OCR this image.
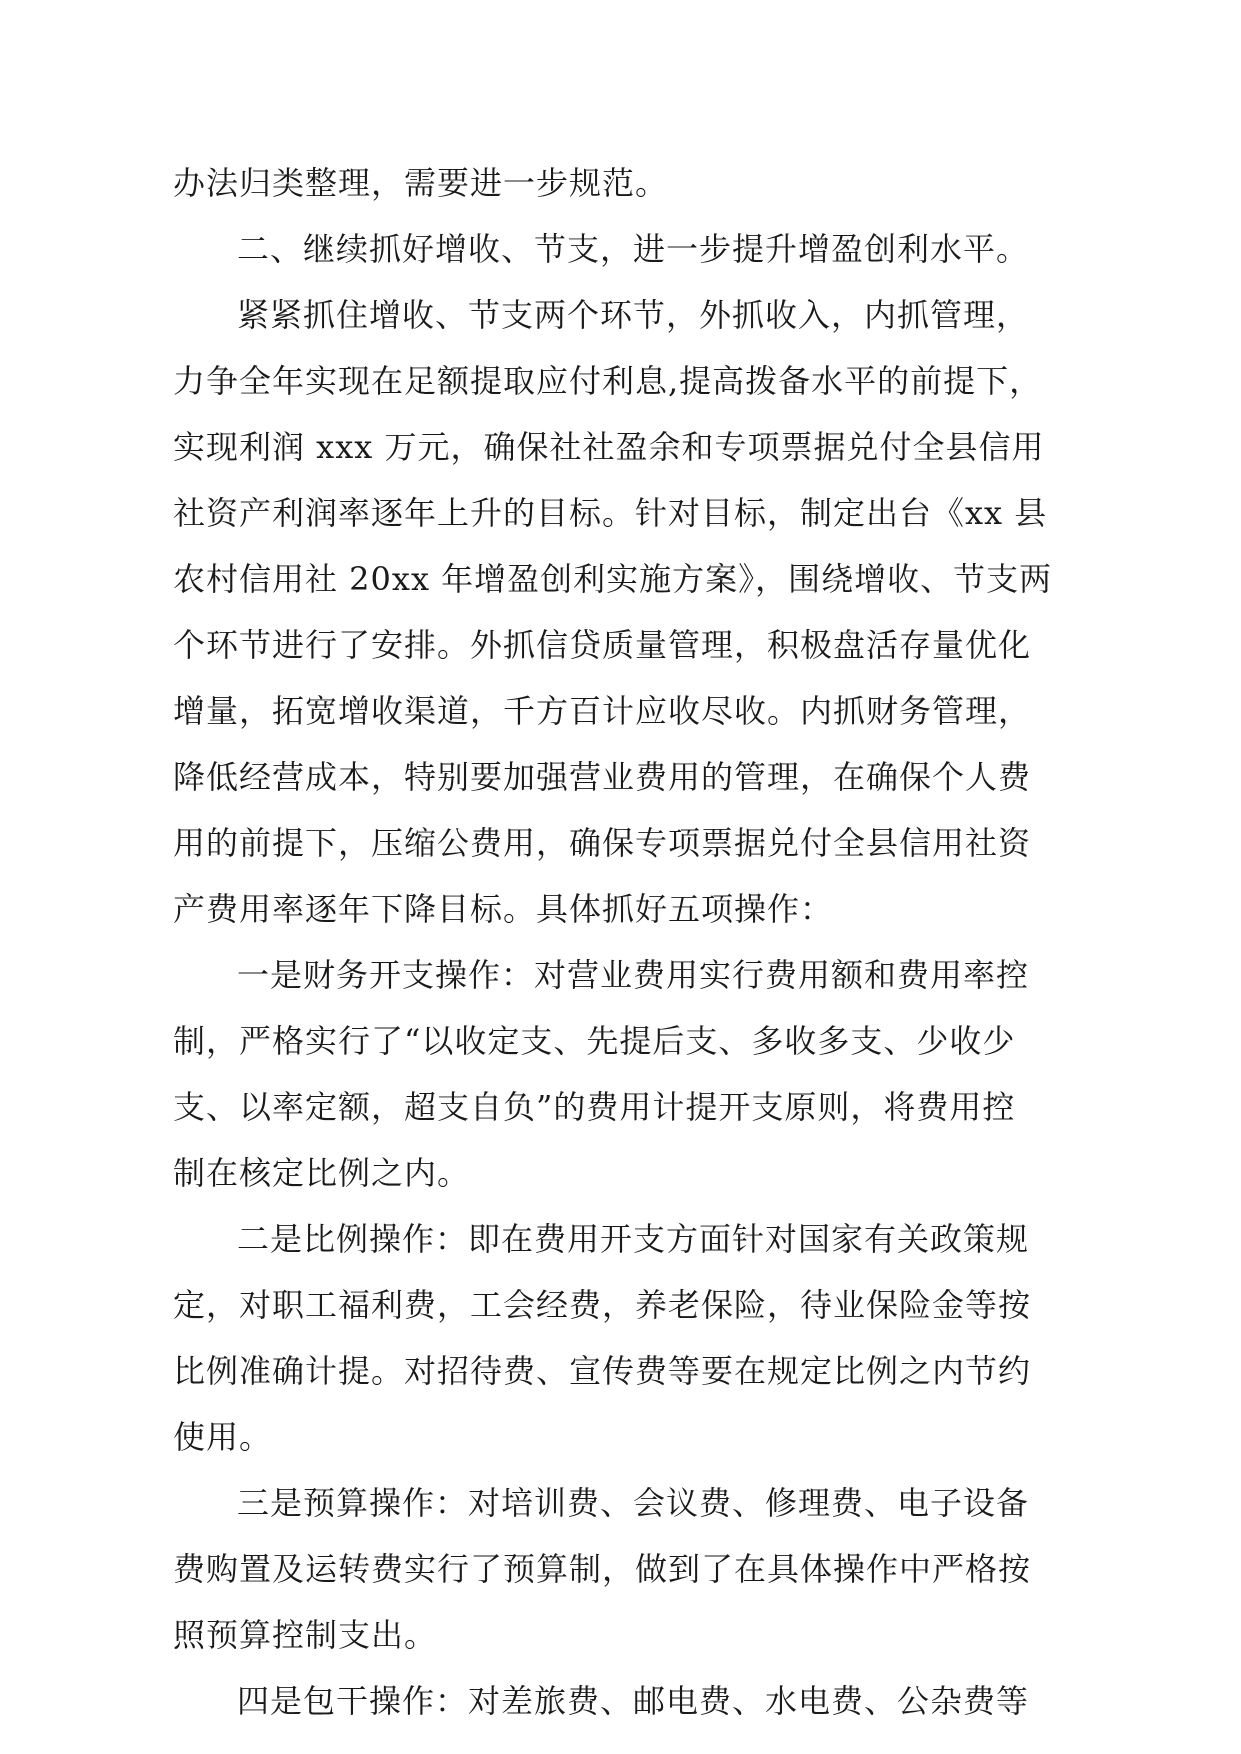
办法归类整理，需要进一步规范。
二、继续抓好增收、节支，进一步提升增盈创利水平。
紧紧抓住增收、节支两个环节，外抓收入，内抓管理，
力争全年实现在足额提取应付利息,提高拨备水平的前提下，
实现利润 xxx 万元，确保社社盈余和专项票据兑付全县信用
社资产利润率逐年上升的目标。针对目标，制定出台《xx 县
农村信用社 20xx 年增盈创利实施方案》，围绕增收、节支两
个环节进行了安排。外抓信贷质量管理，积极盘活存量优化
增量，拓宽增收渠道，千方百计应收尽收。内抓财务管理，
降低经营成本，特别要加强营业费用的管理，在确保个人费
用的前提下，压缩公费用，确保专项票据兑付全县信用社资
产费用率逐年下降目标。具体抓好五项操作：
一是财务开支操作：对营业费用实行费用额和费用率控
制，严格实行了“以收定支、先提后支、多收多支、少收少
支、以率定额，超支自负”的费用计提开支原则，将费用控
制在核定比例之内。
二是比例操作：即在费用开支方面针对国家有关政策规
定，对职工福利费，工会经费，养老保险，待业保险金等按
比例准确计提。对招待费、宣传费等要在规定比例之内节约
使用。
三是预算操作：对培训费、会议费、修理费、电子设备
费购置及运转费实行了预算制，做到了在具体操作中严格按
照预算控制支出。
四是包干操作：对差旅费、邮电费、水电费、公杂费等
